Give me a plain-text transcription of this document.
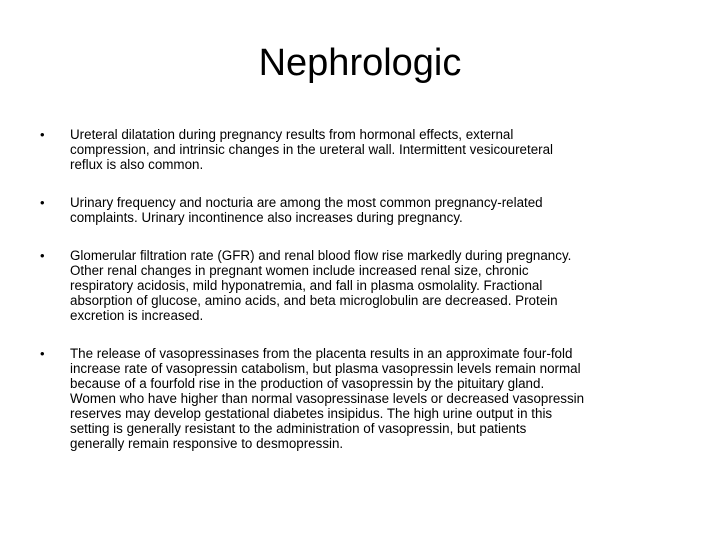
Nephrologic
• Ureteral dilatation during pregnancy results from hormonal effects, external
compression, and intrinsic changes in the ureteral wall. Intermittent vesicoureteral
reflux is also common.
• Urinary frequency and nocturia are among the most common pregnancy-related
complaints. Urinary incontinence also increases during pregnancy.
• Glomerular filtration rate (GFR) and renal blood flow rise markedly during pregnancy.
Other renal changes in pregnant women include increased renal size, chronic
respiratory acidosis, mild hyponatremia, and fall in plasma osmolality. Fractional
absorption of glucose, amino acids, and beta microglobulin are decreased. Protein
excretion is increased.
• The release of vasopressinases from the placenta results in an approximate four-fold
increase rate of vasopressin catabolism, but plasma vasopressin levels remain normal
because of a fourfold rise in the production of vasopressin by the pituitary gland.
Women who have higher than normal vasopressinase levels or decreased vasopressin
reserves may develop gestational diabetes insipidus. The high urine output in this
setting is generally resistant to the administration of vasopressin, but patients
generally remain responsive to desmopressin.
